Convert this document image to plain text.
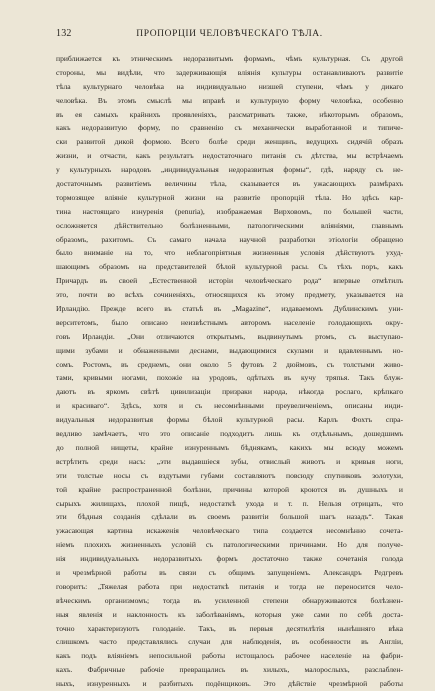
132	ПРОПОРЦІИ ЧЕЛОВѢЧЕСКАГО ТѢЛА.
приближается къ этническимъ недоразвитымъ формамъ, чѣмъ культурная. Съ другой
стороны, мы видѣли, что задерживающія вліянія культуры останавливаютъ развитіе
тѣла культурнаго человѣка на индивидуально низшей ступени, чѣмъ у дикаго
человѣка. Въ этомъ смыслѣ мы вправѣ и культурную форму человѣка, особенно
въ ея самыхъ крайнихъ проявленіяхъ, разсматривать также, нѣкоторымъ образомъ,
какъ недоразвитую форму, по сравненію съ механически выработанной и типиче-
ски развитой дикой формою. Всего болѣе среди женщинъ, ведущихъ сидячій образъ
жизни, и отчасти, какъ результатъ недостаточнаго питанія съ дѣтства, мы встрѣчаемъ
у культурныхъ народовъ „индивидуальныя недоразвитыя формы“, гдѣ, наряду съ не-
достаточнымъ развитіемъ величины тѣла, сказывается въ ужасающихъ размѣрахъ
тормозящее вліяніе культурной жизни на развитіе пропорцій тѣла. Но здѣсь кар-
тина настоящаго изнуренія (penuria), изображаемая Вирховомъ, по большей части,
осложняется дѣйствительно болѣзненными, патологическими вліяніями, главнымъ
образомъ, рахитомъ. Съ самаго начала научной разработки этіологіи обращено
было вниманіе на то, что неблагопріятныя жизненныя условія дѣйствуютъ ухуд-
шающимъ образомъ на представителей бѣлой культурной расы. Съ тѣхъ поръ, какъ
Причардъ въ своей „Естественной исторіи человѣческаго рода“ впервые отмѣтилъ
это, почти во всѣхъ сочиненіяхъ, относящихся къ этому предмету, указывается на
Ирландію. Прежде всего въ статьѣ въ „Magazine“, издаваемомъ Дублинскимъ уни-
верситетомъ, было описано неизвѣстнымъ авторомъ населеніе голодающихъ окру-
говъ Ирландіи. „Они отличаются открытымъ, выдвинутымъ ртомъ, съ выступаю-
щими зубами и обнаженными деснами, выдающимися скулами и вдавленнымъ но-
сомъ. Ростомъ, въ среднемъ, они около 5 футовъ 2 дюймовъ, съ толстыми живо-
тами, кривыми ногами, похожіе на уродовъ, одѣтыхъ въ кучу тряпья. Такъ блуж-
даютъ въ яркомъ свѣтѣ цивилизаціи призраки народа, нѣкогда рослаго, крѣпкаго
и красиваго“. Здѣсь, хотя и съ несомнѣнными преувеличеніемъ, описаны инди-
видуальныя недоразвитыя формы бѣлой культурной расы. Карлъ Фохтъ спра-
ведливо замѣчаетъ, что это описаніе подходитъ лишь къ отдѣльнымъ, дошедшимъ
до полной нищеты, крайне изнуреннымъ бѣднякамъ, какихъ мы всюду можемъ
встрѣтить среди насъ: „эти выдавшіеся зубы, отвислый животъ и кривыя ноги,
эти толстые носы съ вздутыми губами составляютъ повсюду спутниковъ золотухи,
той крайне распространенной болѣзни, причины которой кроются въ душныхъ и
сырыхъ жилищахъ, плохой пищѣ, недостаткѣ ухода и т. п. Нельзя отрицать, что
эти бѣдныя созданія сдѣлали въ своемъ развитіи большой шагъ назадъ“. Такая
ужасающая картина искаженія человѣческаго типа создается несомнѣнно сочета-
ніемъ плохихъ жизненныхъ условій съ патологическими причинами. Но для получе-
нія индивидуальныхъ недоразвитыхъ формъ достаточно также сочетанія голода
и чрезмѣрной работы въ связи съ общимъ запущеніемъ. Александръ Редгревъ
говоритъ: „Тяжелая работа при недостаткѣ питанія и тогда не переносится чело-
вѣческимъ организмомъ; тогда въ усиленной степени обнаруживаются болѣзнен-
ныя явленія и наклонность къ заболѣваніямъ, которыя уже сами по себѣ доста-
точно характеризуютъ голоданіе. Такъ, въ первыя десятилѣтія нынѣшняго вѣка
слишкомъ часто представлялись случаи для наблюденія, въ особенности въ Англіи,
какъ подъ вліяніемъ непосильной работы истощалось рабочее населеніе на фабри-
кахъ. Фабричные рабочіе превращались въ хилыхъ, малорослыхъ, разслаблен-
ныхъ, изнуренныхъ и разбитыхъ подёнщиковъ. Это дѣйствіе чрезмѣрной работы
